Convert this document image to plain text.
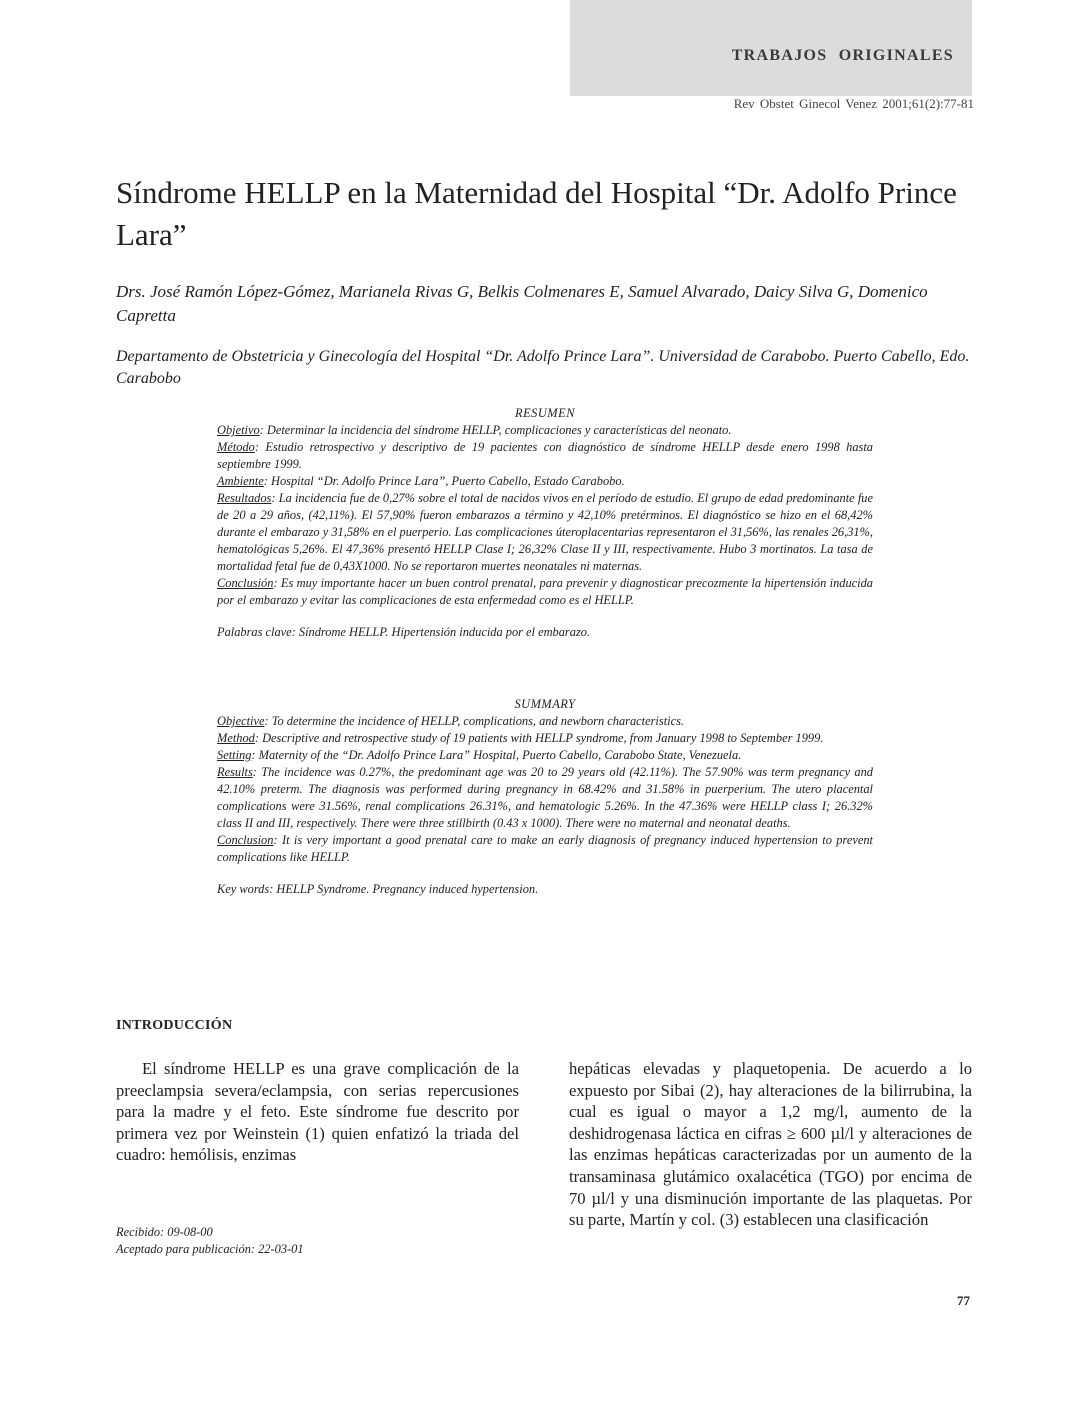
TRABAJOS ORIGINALES
Rev Obstet Ginecol Venez 2001;61(2):77-81
Síndrome HELLP en la Maternidad del Hospital “Dr. Adolfo Prince Lara”
Drs. José Ramón López-Gómez, Marianela Rivas G, Belkis Colmenares E, Samuel Alvarado, Daicy Silva G, Domenico Capretta
Departamento de Obstetricia y Ginecología del Hospital “Dr. Adolfo Prince Lara”. Universidad de Carabobo. Puerto Cabello, Edo. Carabobo
RESUMEN

Objetivo: Determinar la incidencia del síndrome HELLP, complicaciones y características del neonato.

Método: Estudio retrospectivo y descriptivo de 19 pacientes con diagnóstico de síndrome HELLP desde enero 1998 hasta septiembre 1999.

Ambiente: Hospital “Dr. Adolfo Prince Lara”, Puerto Cabello, Estado Carabobo.

Resultados: La incidencia fue de 0,27% sobre el total de nacidos vivos en el período de estudio. El grupo de edad predominante fue de 20 a 29 años, (42,11%). El 57,90% fueron embarazos a término y 42,10% pretérminos. El diagnóstico se hizo en el 68,42% durante el embarazo y 31,58% en el puerperio. Las complicaciones úteroplacentarias representaron el 31,56%, las renales 26,31%, hematológicas 5,26%. El 47,36% presentó HELLP Clase I; 26,32% Clase II y III, respectivamente. Hubo 3 mortinatos. La tasa de mortalidad fetal fue de 0,43X1000. No se reportaron muertes neonatales ni maternas.

Conclusión: Es muy importante hacer un buen control prenatal, para prevenir y diagnosticar precozmente la hipertensión inducida por el embarazo y evitar las complicaciones de esta enfermedad como es el HELLP.

Palabras clave: Síndrome HELLP. Hipertensión inducida por el embarazo.

SUMMARY

Objective: To determine the incidence of HELLP, complications, and newborn characteristics.

Method: Descriptive and retrospective study of 19 patients with HELLP syndrome, from January 1998 to September 1999.

Setting: Maternity of the “Dr. Adolfo Prince Lara” Hospital, Puerto Cabello, Carabobo State, Venezuela.

Results: The incidence was 0.27%, the predominant age was 20 to 29 years old (42.11%). The 57.90% was term pregnancy and 42.10% preterm. The diagnosis was performed during pregnancy in 68.42% and 31.58% in puerperium. The utero placental complications were 31.56%, renal complications 26.31%, and hematologic 5.26%. In the 47.36% were HELLP class I; 26.32% class II and III, respectively. There were three stillbirth (0.43 x 1000). There were no maternal and neonatal deaths.

Conclusion: It is very important a good prenatal care to make an early diagnosis of pregnancy induced hypertension to prevent complications like HELLP.

Key words: HELLP Syndrome. Pregnancy induced hypertension.

INTRODUCCIÓN

El síndrome HELLP es una grave complicación de la preeclampsia severa/eclampsia, con serias repercusiones para la madre y el feto. Este síndrome fue descrito por primera vez por Weinstein (1) quien enfatizó la triada del cuadro: hemólisis, enzimas

hepáticas elevadas y plaquetopenia. De acuerdo a lo expuesto por Sibai (2), hay alteraciones de la bilirrubina, la cual es igual o mayor a 1,2 mg/l, aumento de la deshidrogenasa láctica en cifras ≥ 600 µl/l y alteraciones de las enzimas hepáticas caracterizadas por un aumento de la transaminasa glutámico oxalacética (TGO) por encima de 70 µl/l y una disminución importante de las plaquetas. Por su parte, Martín y col. (3) establecen una clasificación

Recibido: 09-08-00
Aceptado para publicación: 22-03-01
77
